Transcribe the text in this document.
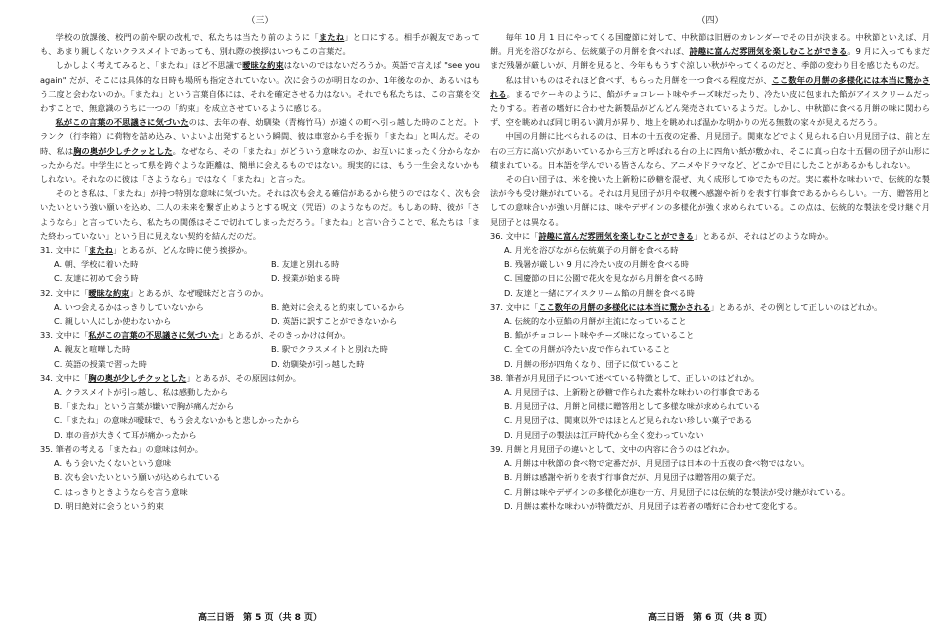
（三）

学校の放課後、校門の前や駅の改札で、私たちは当たり前のように「またね」と口にする。相手が親友であっても、あまり親しくないクラスメイトであっても、別れ際の挨拶はいつもこの言葉だ。

しかしよく考えてみると、「またね」ほど不思議で曖昧な約束はないのではないだろうか。英語で言えば "see you again" だが、そこには具体的な日時も場所も指定されていない。次に会うのが明日なのか、1年後なのか、あるいはもう二度と会わないのか。「またね」という言葉自体には、それを確定させる力はない。それでも私たちは、この言葉を交わすことで、無意識のうちに一つの「約束」を成立させているように感じる。

私がこの言葉の不思議さに気づいたのは、去年の春、幼馴染（青梅竹马）が遠くの町へ引っ越した時のことだ。トランク（行李箱）に荷物を詰め込み、いよいよ出発するという瞬間、彼は車窓から手を振り「またね」と叫んだ。その時、私は胸の奥が少しチクッとした。なぜなら、その「またね」がどういう意味なのか、お互いにまったく分からなかったからだ。中学生にとって県を跨ぐような距離は、簡単に会えるものではない。現実的には、もう一生会えないかもしれない。それなのに彼は「さようなら」ではなく「またね」と言った。

そのとき私は、「またね」が持つ特別な意味に気づいた。それは次も会える確信があるから使うのではなく、次も会いたいという強い願いを込め、二人の未来を繋ぎ止めようとする呪文（咒语）のようなものだ。もしあの時、彼が「さようなら」と言っていたら、私たちの関係はそこで切れてしまっただろう。「またね」と言い合うことで、私たちは「また終わっていない」という目に見えない契約を結んだのだ。

31. 文中に「またね」とあるが、どんな時に使う挨拶か。

A. 朝、学校に着いた時	B. 友達と別れる時

C. 友達に初めて会う時	D. 授業が始まる時

32. 文中に「曖昧な約束」とあるが、なぜ曖昧だと言うのか。

A. いつ会えるかはっきりしていないから	B. 絶対に会えると約束しているから

C. 親しい人にしか使わないから	D. 英語に訳すことができないから

33. 文中に「私がこの言葉の不思議さに気づいた」とあるが、そのきっかけは何か。

A. 親友と喧嘩した時	B. 駅でクラスメイトと別れた時

C. 英語の授業で習った時	D. 幼馴染が引っ越した時

34. 文中に「胸の奥が少しチクッとした」とあるが、その原因は何か。

A. クラスメイトが引っ越し、私は感動したから

B.「またね」という言葉が嫌いで胸が痛んだから

C.「またね」の意味が曖昧で、もう会えないかもと悲しかったから

D. 車の音が大きくて耳が痛かったから

35. 筆者の考える「またね」の意味は何か。

A. もう会いたくないという意味

B. 次も会いたいという願いが込められている

C. はっきりときようならを言う意味

D. 明日絶対に会うという約束

高三日语　第 5 页（共 8 页）
（四）

毎年 10 月 1 日にやってくる国慶節に対して、中秋節は旧暦のカレンダーでその日が決まる。中秋節といえば、月餅。月光を浴びながら、伝統菓子の月餅を食べれば、詩趣に富んだ雰囲気を楽しむことができる。9 月に入ってもまだまだ残暑が厳しいが、月餅を見ると、今年ももうすぐ涼しい秋がやってくるのだと、季節の変わり目を感じたものだ。

私は甘いものはそれほど食べず、もらった月餅を一つ食べる程度だが、ここ数年の月餅の多様化には本当に驚かされる。まるでケーキのように、餡がチョコレート味やチーズ味だったり、冷たい皮に包まれた餡がアイスクリームだったりする。若者の嗜好に合わせた新製品がどんどん発売されているようだ。しかし、中秋節に食べる月餅の味に関わらず、空を眺めれば同じ明るい満月が昇り、地上を眺めれば温かな明かりの光る無数の家々が見えるだろう。

中国の月餅に比べられるのは、日本の十五夜の定番、月見団子。関東などでよく見られる白い月見団子は、前と左右の三方に高い穴があいているから三方と呼ばれる台の上に四角い紙が敷かれ、そこに真っ白な十五個の団子が山形に積まれている。日本語を学んでいる皆さんなら、アニメやドラマなど、どこかで目にしたことがあるかもしれない。

その白い団子は、米を挽いた上新粉に砂糖を混ぜ、丸く成形してゆでたものだ。実に素朴な味わいで、伝統的な製法が今も受け継がれている。それは月見団子が月や収穫へ感謝や祈りを表す行事食であるかららしい。一方、贈答用としての意味合いが強い月餅には、味やデザインの多様化が強く求められている。この点は、伝統的な製法を受け継ぐ月見団子とは異なる。

36. 文中に「詩趣に富んだ雰囲気を楽しむことができる」とあるが、それはどのような時か。

A. 月光を浴びながら伝統菓子の月餅を食べる時

B. 残暑が厳しい 9 月に冷たい皮の月餅を食べる時

C. 国慶節の日に公園で花火を見ながら月餅を食べる時

D. 友達と一緒にアイスクリーム餡の月餅を食べる時

37. 文中に「ここ数年の月餅の多様化には本当に驚かされる」とあるが、その例として正しいのはどれか。

A. 伝統的な小豆餡の月餅が主流になっていること

B. 餡がチョコレート味やチーズ味になっていること

C. 全ての月餅が冷たい皮で作られていること

D. 月餅の形が四角くなり、団子に似ていること

38. 筆者が月見団子について述べている特徴として、正しいのはどれか。

A. 月見団子は、上新粉と砂糖で作られた素朴な味わいの行事食である

B. 月見団子は、月餅と同様に贈答用として多様な味が求められている

C. 月見団子は、関東以外ではほとんど見られない珍しい菓子である

D. 月見団子の製法は江戸時代から全く変わっていない

39. 月餅と月見団子の違いとして、文中の内容に合うのはどれか。

A. 月餅は中秋節の食べ物で定番だが、月見団子は日本の十五夜の食べ物ではない。

B. 月餅は感謝や祈りを表す行事食だが、月見団子は贈答用の菓子だ。

C. 月餅は味やデザインの多様化が進む一方、月見団子には伝統的な製法が受け継がれている。

D. 月餅は素朴な味わいが特徴だが、月見団子は若者の嗜好に合わせて変化する。

高三日语　第 6 页（共 8 页）
